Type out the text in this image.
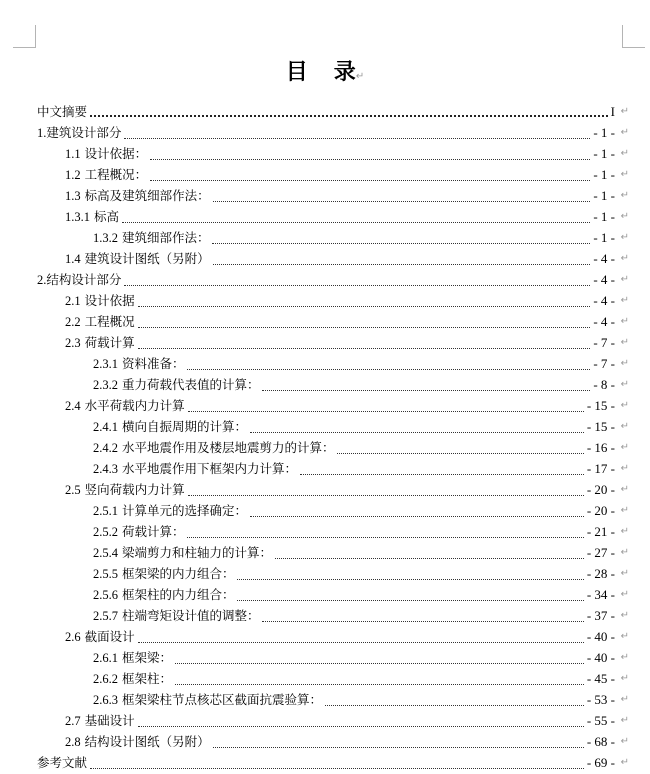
目 录↵
中文摘要	I ↵
1.建筑设计部分	- 1 - ↵
1.1 设计依据：	- 1 - ↵
1.2 工程概况：	- 1 - ↵
1.3 标高及建筑细部作法：	- 1 - ↵
1.3.1 标高	- 1 - ↵
1.3.2 建筑细部作法：	- 1 - ↵
1.4 建筑设计图纸（另附）	- 4 - ↵
2.结构设计部分	- 4 - ↵
2.1 设计依据	- 4 - ↵
2.2 工程概况	- 4 - ↵
2.3 荷载计算	- 7 - ↵
2.3.1 资料准备：	- 7 - ↵
2.3.2 重力荷载代表值的计算：	- 8 - ↵
2.4 水平荷载内力计算	- 15 - ↵
2.4.1 横向自振周期的计算：	- 15 - ↵
2.4.2 水平地震作用及楼层地震剪力的计算：	- 16 - ↵
2.4.3 水平地震作用下框架内力计算：	- 17 - ↵
2.5 竖向荷载内力计算	- 20 - ↵
2.5.1 计算单元的选择确定：	- 20 - ↵
2.5.2 荷载计算：	- 21 - ↵
2.5.4 梁端剪力和柱轴力的计算：	- 27 - ↵
2.5.5 框架梁的内力组合：	- 28 - ↵
2.5.6 框架柱的内力组合：	- 34 - ↵
2.5.7 柱端弯矩设计值的调整：	- 37 - ↵
2.6 截面设计	- 40 - ↵
2.6.1 框架梁：	- 40 - ↵
2.6.2 框架柱：	- 45 - ↵
2.6.3 框架梁柱节点核芯区截面抗震验算：	- 53 - ↵
2.7 基础设计	- 55 - ↵
2.8 结构设计图纸（另附）	- 68 - ↵
参考文献	- 69 - ↵
